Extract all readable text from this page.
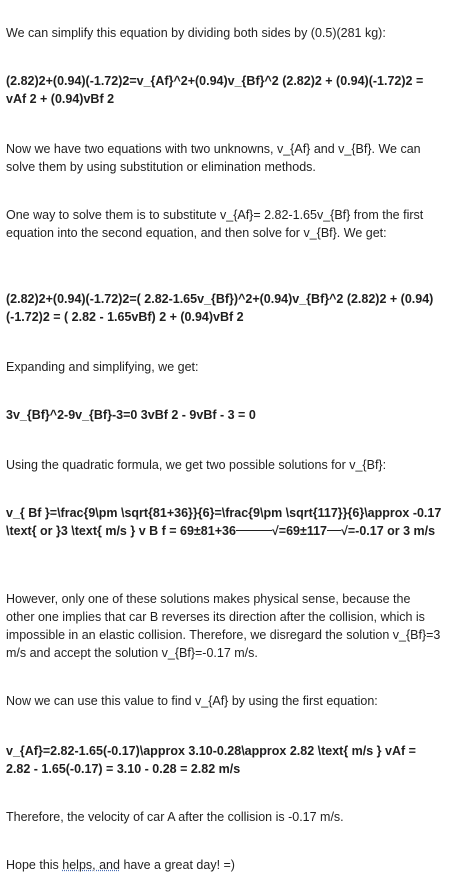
We can simplify this equation by dividing both sides by (0.5)(281 kg):

(2.82)2+(0.94)(-1.72)2=v_{Af}^2+(0.94)v_{Bf}^2 (2.82)2 + (0.94)(-1.72)2 = vAf 2 + (0.94)vBf 2

Now we have two equations with two unknowns, v_{Af} and v_{Bf}. We can solve them by using substitution or elimination methods.

One way to solve them is to substitute v_{Af}= 2.82-1.65v_{Bf} from the first equation into the second equation, and then solve for v_{Bf}. We get:

(2.82)2+(0.94)(-1.72)2=( 2.82-1.65v_{Bf})^2+(0.94)v_{Bf}^2 (2.82)2 + (0.94)(-1.72)2 = ( 2.82 - 1.65vBf) 2 + (0.94)vBf 2

Expanding and simplifying, we get:

3v_{Bf}^2-9v_{Bf}-3=0 3vBf 2 - 9vBf - 3 = 0

Using the quadratic formula, we get two possible solutions for v_{Bf}:

v_{ Bf }=\frac{9\pm \sqrt{81+36}}{6}=\frac{9\pm \sqrt{117}}{6}\approx -0.17 \text{ or }3 \text{ m/s } v B f = 69±81+36	√=69±117 √=-0.17 or 3 m/s

However, only one of these solutions makes physical sense, because the other one implies that car B reverses its direction after the collision, which is impossible in an elastic collision. Therefore, we disregard the solution v_{Bf}=3 m/s and accept the solution v_{Bf}=-0.17 m/s.

Now we can use this value to find v_{Af} by using the first equation:

v_{Af}=2.82-1.65(-0.17)\approx 3.10-0.28\approx 2.82 \text{ m/s } vAf = 2.82 - 1.65(-0.17) = 3.10 - 0.28 = 2.82 m/s

Therefore, the velocity of car A after the collision is -0.17 m/s.

Hope this helps, and have a great day! =)
